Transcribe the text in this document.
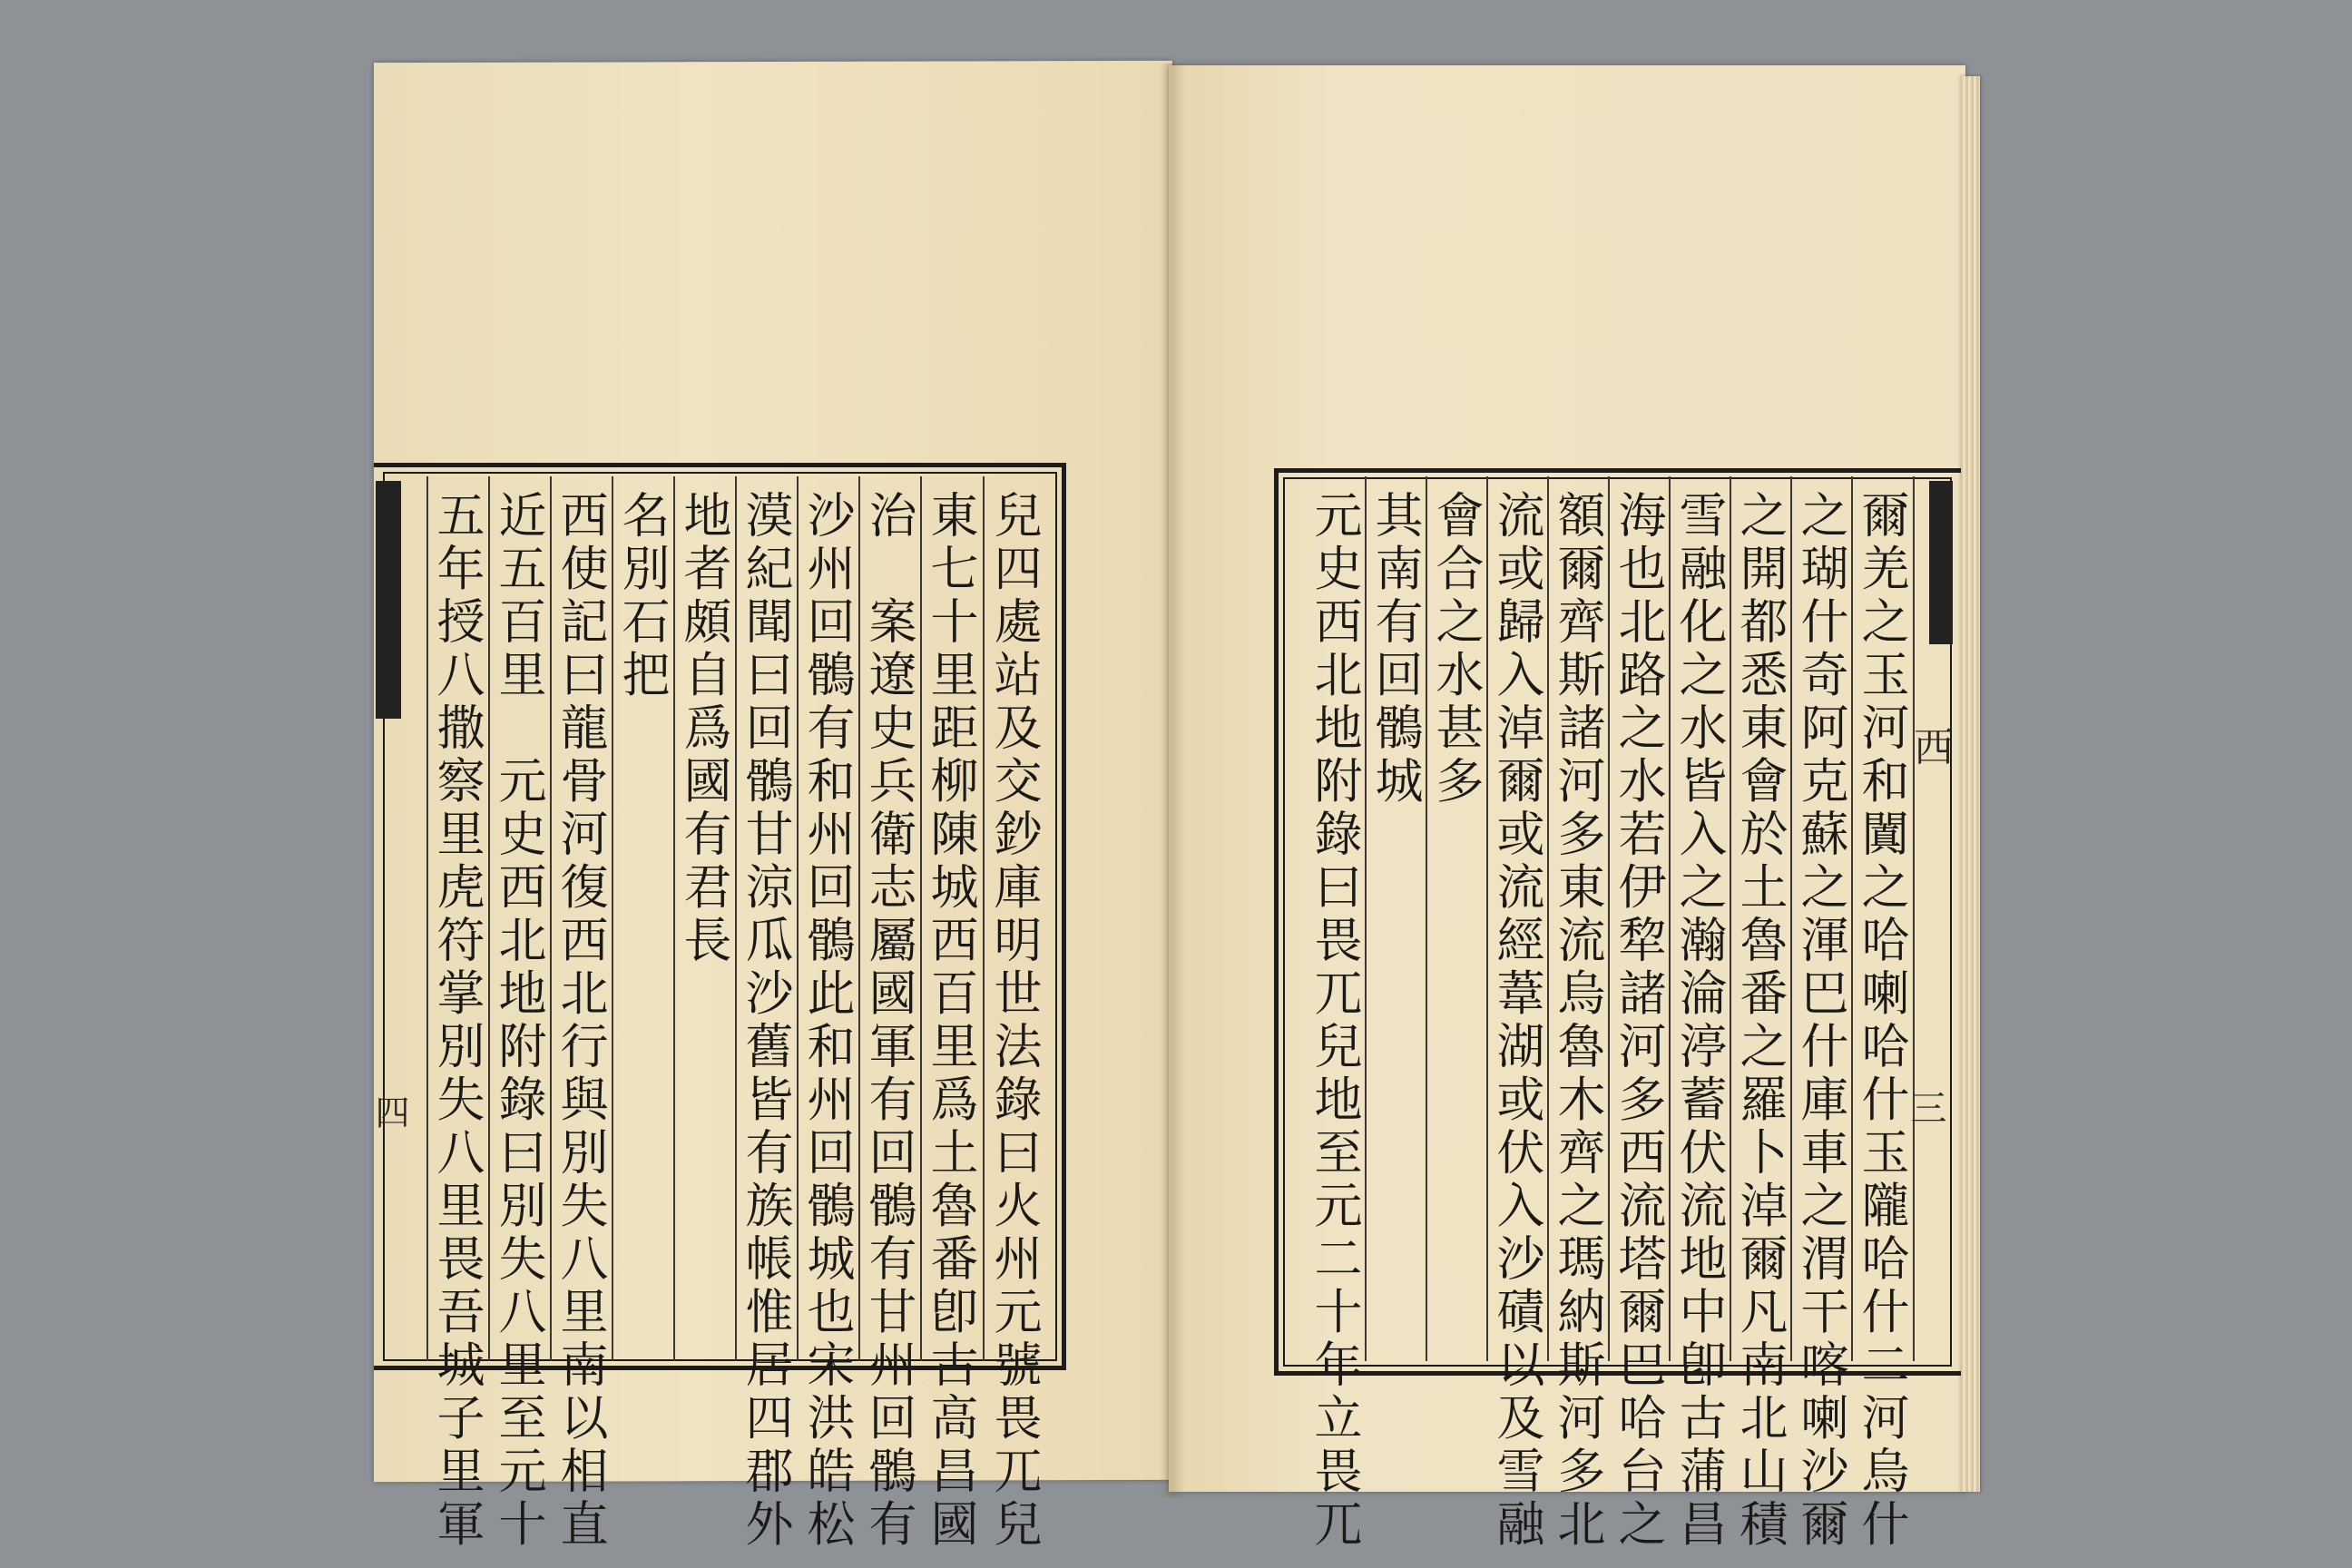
兒四處站及交鈔庫明世法錄曰火州元號畏兀兒
東七十里距柳陳城西百里爲土魯番卽古高昌國
治　案遼史兵衛志屬國軍有回鶻有甘州回鶻有
沙州回鶻有和州回鶻此和州回鶻城也宋洪皓松
漠紀聞曰回鶻甘涼瓜沙舊皆有族帳惟居四郡外
地者頗自爲國有君長
名別石把
西使記曰龍骨河復西北行與別失八里南以相直
近五百里　元史西北地附錄曰別失八里至元十
五年授八撒察里虎符掌別失八里畏吾城子里軍	爾羌之玉河和闐之哈喇哈什玉隴哈什二河烏什
之瑚什奇阿克蘇之渾巴什庫車之渭干喀喇沙爾
之開都悉東會於土魯番之羅卜淖爾凡南北山積
雪融化之水皆入之瀚淪渟蓄伏流地中卽古蒲昌
海也北路之水若伊犂諸河多西流塔爾巴哈台之
額爾齊斯諸河多東流烏魯木齊之瑪納斯河多北
流或歸入淖爾或流經葦湖或伏入沙磧以及雪融
會合之水甚多
其南有回鶻城
元史西北地附錄曰畏兀兒地至元二十年立畏兀	西
三
四
